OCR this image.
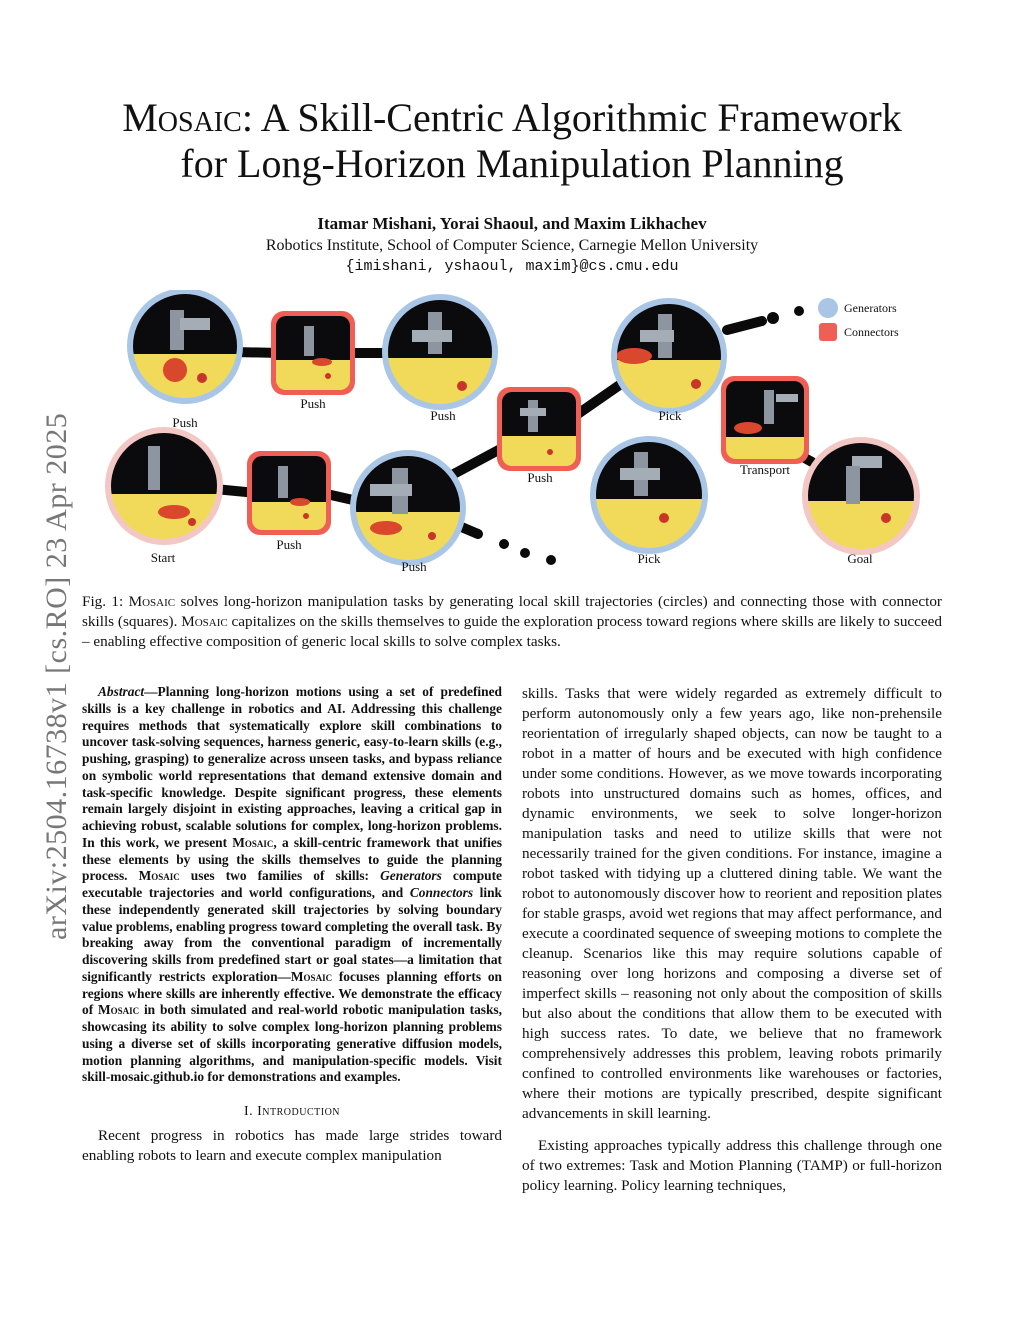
arXiv:2504.16738v1 [cs.RO] 23 Apr 2025
Mosaic: A Skill-Centric Algorithmic Framework
for Long-Horizon Manipulation Planning
Itamar Mishani, Yorai Shaoul, and Maxim Likhachev
Robotics Institute, School of Computer Science, Carnegie Mellon University
{imishani, yshaoul, maxim}@cs.cmu.edu
Generators
Connectors
Push
Push
Push
Push
Push
Push
Pick
Pick
Transport
Start	Goal
Fig. 1: Mosaic solves long-horizon manipulation tasks by generating local skill trajectories (circles) and connecting those with connector skills (squares). Mosaic capitalizes on the skills themselves to guide the exploration process toward regions where skills are likely to succeed – enabling effective composition of generic local skills to solve complex tasks.

Abstract—Planning long-horizon motions using a set of predefined skills is a key challenge in robotics and AI. Addressing this challenge requires methods that systematically explore skill combinations to uncover task-solving sequences, harness generic, easy-to-learn skills (e.g., pushing, grasping) to generalize across unseen tasks, and bypass reliance on symbolic world representations that demand extensive domain and task-specific knowledge. Despite significant progress, these elements remain largely disjoint in existing approaches, leaving a critical gap in achieving robust, scalable solutions for complex, long-horizon problems. In this work, we present Mosaic, a skill-centric framework that unifies these elements by using the skills themselves to guide the planning process. Mosaic uses two families of skills: Generators compute executable trajectories and world configurations, and Connectors link these independently generated skill trajectories by solving boundary value problems, enabling progress toward completing the overall task. By breaking away from the conventional paradigm of incrementally discovering skills from predefined start or goal states—a limitation that significantly restricts exploration—Mosaic focuses planning efforts on regions where skills are inherently effective. We demonstrate the efficacy of Mosaic in both simulated and real-world robotic manipulation tasks, showcasing its ability to solve complex long-horizon planning problems using a diverse set of skills incorporating generative diffusion models, motion planning algorithms, and manipulation-specific models. Visit skill-mosaic.github.io for demonstrations and examples.

I. Introduction

Recent progress in robotics has made large strides toward enabling robots to learn and execute complex manipulation

skills. Tasks that were widely regarded as extremely difficult to perform autonomously only a few years ago, like non-prehensile reorientation of irregularly shaped objects, can now be taught to a robot in a matter of hours and be executed with high confidence under some conditions. However, as we move towards incorporating robots into unstructured domains such as homes, offices, and dynamic environments, we seek to solve longer-horizon manipulation tasks and need to utilize skills that were not necessarily trained for the given conditions. For instance, imagine a robot tasked with tidying up a cluttered dining table. We want the robot to autonomously discover how to reorient and reposition plates for stable grasps, avoid wet regions that may affect performance, and execute a coordinated sequence of sweeping motions to complete the cleanup. Scenarios like this may require solutions capable of reasoning over long horizons and composing a diverse set of imperfect skills – reasoning not only about the composition of skills but also about the conditions that allow them to be executed with high success rates. To date, we believe that no framework comprehensively addresses this problem, leaving robots primarily confined to controlled environments like warehouses or factories, where their motions are typically prescribed, despite significant advancements in skill learning.

Existing approaches typically address this challenge through one of two extremes: Task and Motion Planning (TAMP) or full-horizon policy learning. Policy learning techniques,
